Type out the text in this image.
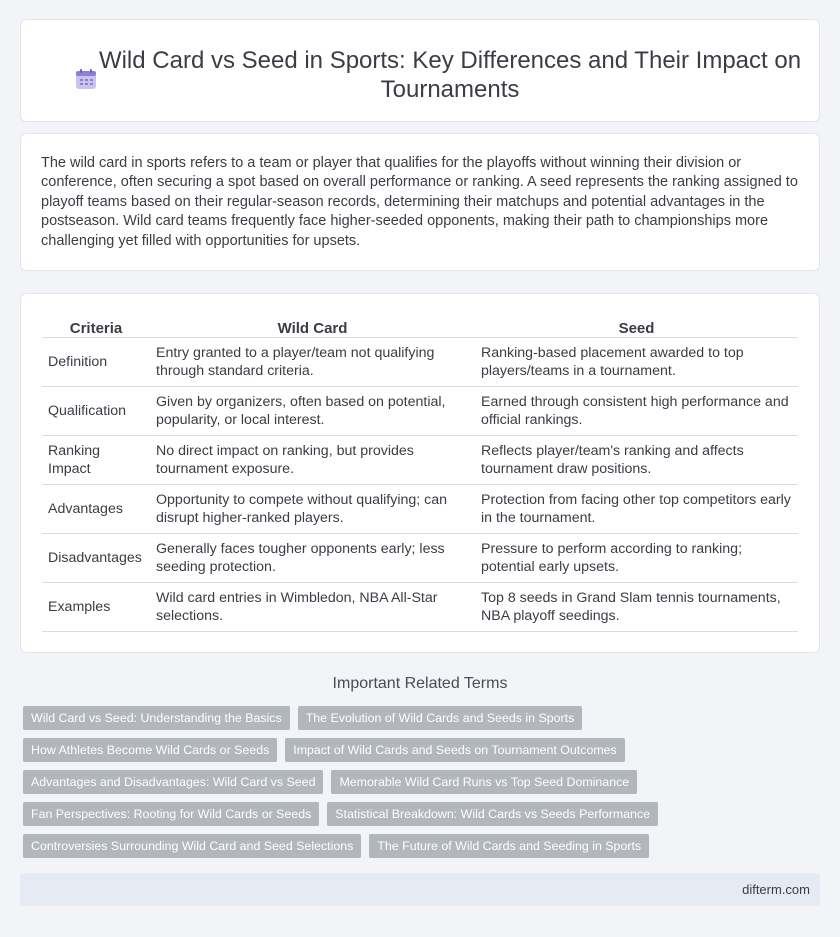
Wild Card vs Seed in Sports: Key Differences and Their Impact on Tournaments

The wild card in sports refers to a team or player that qualifies for the playoffs without winning their division or conference, often securing a spot based on overall performance or ranking. A seed represents the ranking assigned to playoff teams based on their regular-season records, determining their matchups and potential advantages in the postseason. Wild card teams frequently face higher-seeded opponents, making their path to championships more challenging yet filled with opportunities for upsets.

Criteria	Wild Card	Seed
Definition	Entry granted to a player/team not qualifying through standard criteria.	Ranking-based placement awarded to top players/teams in a tournament.
Qualification	Given by organizers, often based on potential, popularity, or local interest.	Earned through consistent high performance and official rankings.
Ranking Impact	No direct impact on ranking, but provides tournament exposure.	Reflects player/team's ranking and affects tournament draw positions.
Advantages	Opportunity to compete without qualifying; can disrupt higher-ranked players.	Protection from facing other top competitors early in the tournament.
Disadvantages	Generally faces tougher opponents early; less seeding protection.	Pressure to perform according to ranking; potential early upsets.
Examples	Wild card entries in Wimbledon, NBA All-Star selections.	Top 8 seeds in Grand Slam tennis tournaments, NBA playoff seedings.
Important Related Terms
Wild Card vs Seed: Understanding the Basics	The Evolution of Wild Cards and Seeds in Sports
How Athletes Become Wild Cards or Seeds	Impact of Wild Cards and Seeds on Tournament Outcomes
Advantages and Disadvantages: Wild Card vs Seed	Memorable Wild Card Runs vs Top Seed Dominance
Fan Perspectives: Rooting for Wild Cards or Seeds	Statistical Breakdown: Wild Cards vs Seeds Performance
Controversies Surrounding Wild Card and Seed Selections	The Future of Wild Cards and Seeding in Sports
difterm.com
